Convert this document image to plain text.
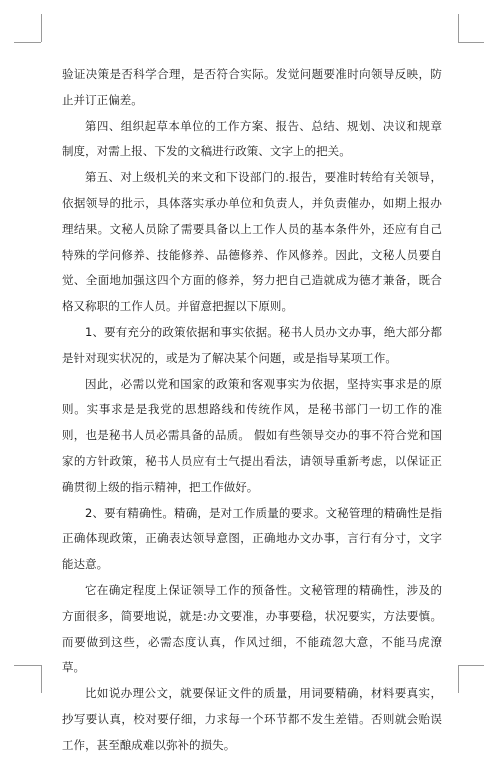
验证决策是否科学合理，是否符合实际。发觉问题要准时向领导反映，防止并订正偏差。

第四、组织起草本单位的工作方案、报告、总结、规划、决议和规章制度，对需上报、下发的文稿进行政策、文字上的把关。

第五、对上级机关的来文和下设部门的.报告，要准时转给有关领导，依据领导的批示，具体落实承办单位和负责人，并负责催办，如期上报办理结果。文秘人员除了需要具备以上工作人员的基本条件外，还应有自己特殊的学问修养、技能修养、品德修养、作风修养。因此，文秘人员要自觉、全面地加强这四个方面的修养，努力把自己造就成为德才兼备，既合格又称职的工作人员。并留意把握以下原则。

1、要有充分的政策依据和事实依据。秘书人员办文办事，绝大部分都是针对现实状况的，或是为了解决某个问题，或是指导某项工作。

因此，必需以党和国家的政策和客观事实为依据，坚持实事求是的原则。实事求是是我党的思想路线和传统作风，是秘书部门一切工作的准则，也是秘书人员必需具备的品质。 假如有些领导交办的事不符合党和国家的方针政策，秘书人员应有士气提出看法，请领导重新考虑，以保证正确贯彻上级的指示精神，把工作做好。

2、要有精确性。精确，是对工作质量的要求。文秘管理的精确性是指正确体现政策，正确表达领导意图，正确地办文办事，言行有分寸，文字能达意。

它在确定程度上保证领导工作的预备性。文秘管理的精确性，涉及的方面很多，简要地说，就是:办文要准，办事要稳，状况要实，方法要慎。而要做到这些，必需态度认真，作风过细，不能疏忽大意，不能马虎潦草。

比如说办理公文，就要保证文件的质量，用词要精确，材料要真实，抄写要认真，校对要仔细，力求每一个环节都不发生差错。否则就会贻误工作，甚至酿成难以弥补的损失。
